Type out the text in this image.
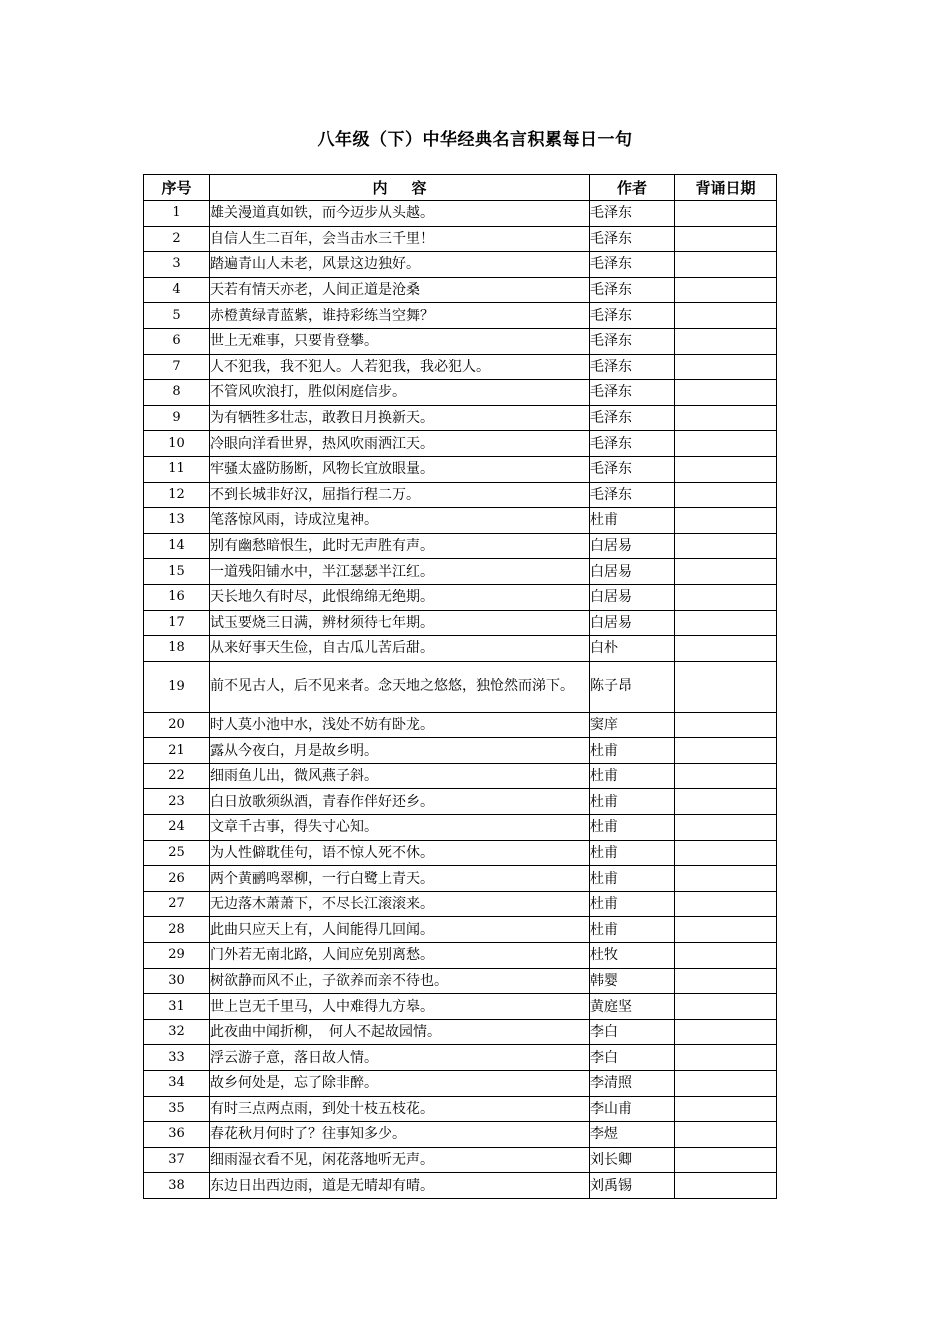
八年级（下）中华经典名言积累每日一句
序号	内容	作者	背诵日期
1	雄关漫道真如铁，而今迈步从头越。	毛泽东	
2	自信人生二百年，会当击水三千里！	毛泽东	
3	踏遍青山人未老，风景这边独好。	毛泽东	
4	天若有情天亦老，人间正道是沧桑	毛泽东	
5	赤橙黄绿青蓝紫，谁持彩练当空舞？	毛泽东	
6	世上无难事，只要肯登攀。	毛泽东	
7	人不犯我，我不犯人。人若犯我，我必犯人。	毛泽东	
8	不管风吹浪打，胜似闲庭信步。	毛泽东	
9	为有牺牲多壮志，敢教日月换新天。	毛泽东	
10	冷眼向洋看世界，热风吹雨洒江天。	毛泽东	
11	牢骚太盛防肠断，风物长宜放眼量。	毛泽东	
12	不到长城非好汉，屈指行程二万。	毛泽东	
13	笔落惊风雨，诗成泣鬼神。	杜甫	
14	别有幽愁暗恨生，此时无声胜有声。	白居易	
15	一道残阳铺水中，半江瑟瑟半江红。	白居易	
16	天长地久有时尽，此恨绵绵无绝期。	白居易	
17	试玉要烧三日满，辨材须待七年期。	白居易	
18	从来好事天生俭，自古瓜儿苦后甜。	白朴	
19	前不见古人，后不见来者。念天地之悠悠，独怆然而涕下。	陈子昂	
20	时人莫小池中水，浅处不妨有卧龙。	窦庠	
21	露从今夜白，月是故乡明。	杜甫	
22	细雨鱼儿出，微风燕子斜。	杜甫	
23	白日放歌须纵酒，青春作伴好还乡。	杜甫	
24	文章千古事，得失寸心知。	杜甫	
25	为人性僻耽佳句，语不惊人死不休。	杜甫	
26	两个黄鹂鸣翠柳，一行白鹭上青天。	杜甫	
27	无边落木萧萧下，不尽长江滚滚来。	杜甫	
28	此曲只应天上有，人间能得几回闻。	杜甫	
29	门外若无南北路，人间应免别离愁。	杜牧	
30	树欲静而风不止，子欲养而亲不待也。	韩婴	
31	世上岂无千里马，人中难得九方皋。	黄庭坚	
32	此夜曲中闻折柳，　何人不起故园情。	李白	
33	浮云游子意，落日故人情。	李白	
34	故乡何处是，忘了除非醉。	李清照	
35	有时三点两点雨，到处十枝五枝花。	李山甫	
36	春花秋月何时了？往事知多少。	李煜	
37	细雨湿衣看不见，闲花落地听无声。	刘长卿	
38	东边日出西边雨，道是无晴却有晴。	刘禹锡	
